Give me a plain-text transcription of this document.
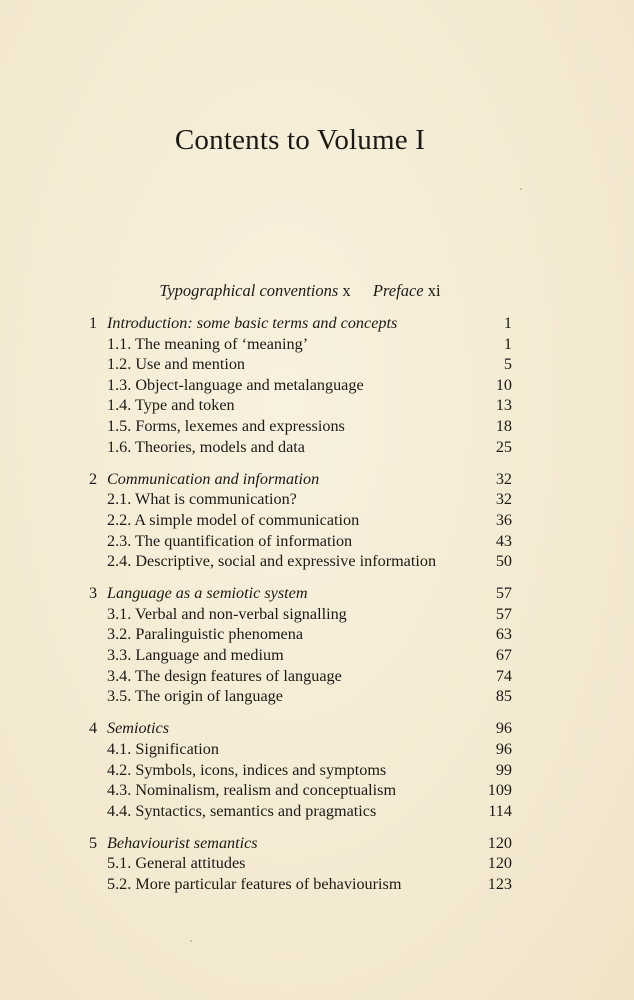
Contents to Volume I
Typographical conventions x Preface xi
1 Introduction: some basic terms and concepts	1
1.1. The meaning of ‘meaning’	1
1.2. Use and mention	5
1.3. Object-language and metalanguage	10
1.4. Type and token	13
1.5. Forms, lexemes and expressions	18
1.6. Theories, models and data	25
2 Communication and information	32
2.1. What is communication?	32
2.2. A simple model of communication	36
2.3. The quantification of information	43
2.4. Descriptive, social and expressive information	50
3 Language as a semiotic system	57
3.1. Verbal and non-verbal signalling	57
3.2. Paralinguistic phenomena	63
3.3. Language and medium	67
3.4. The design features of language	74
3.5. The origin of language	85
4 Semiotics	96
4.1. Signification	96
4.2. Symbols, icons, indices and symptoms	99
4.3. Nominalism, realism and conceptualism	109
4.4. Syntactics, semantics and pragmatics	114
5 Behaviourist semantics	120
5.1. General attitudes	120
5.2. More particular features of behaviourism	123
